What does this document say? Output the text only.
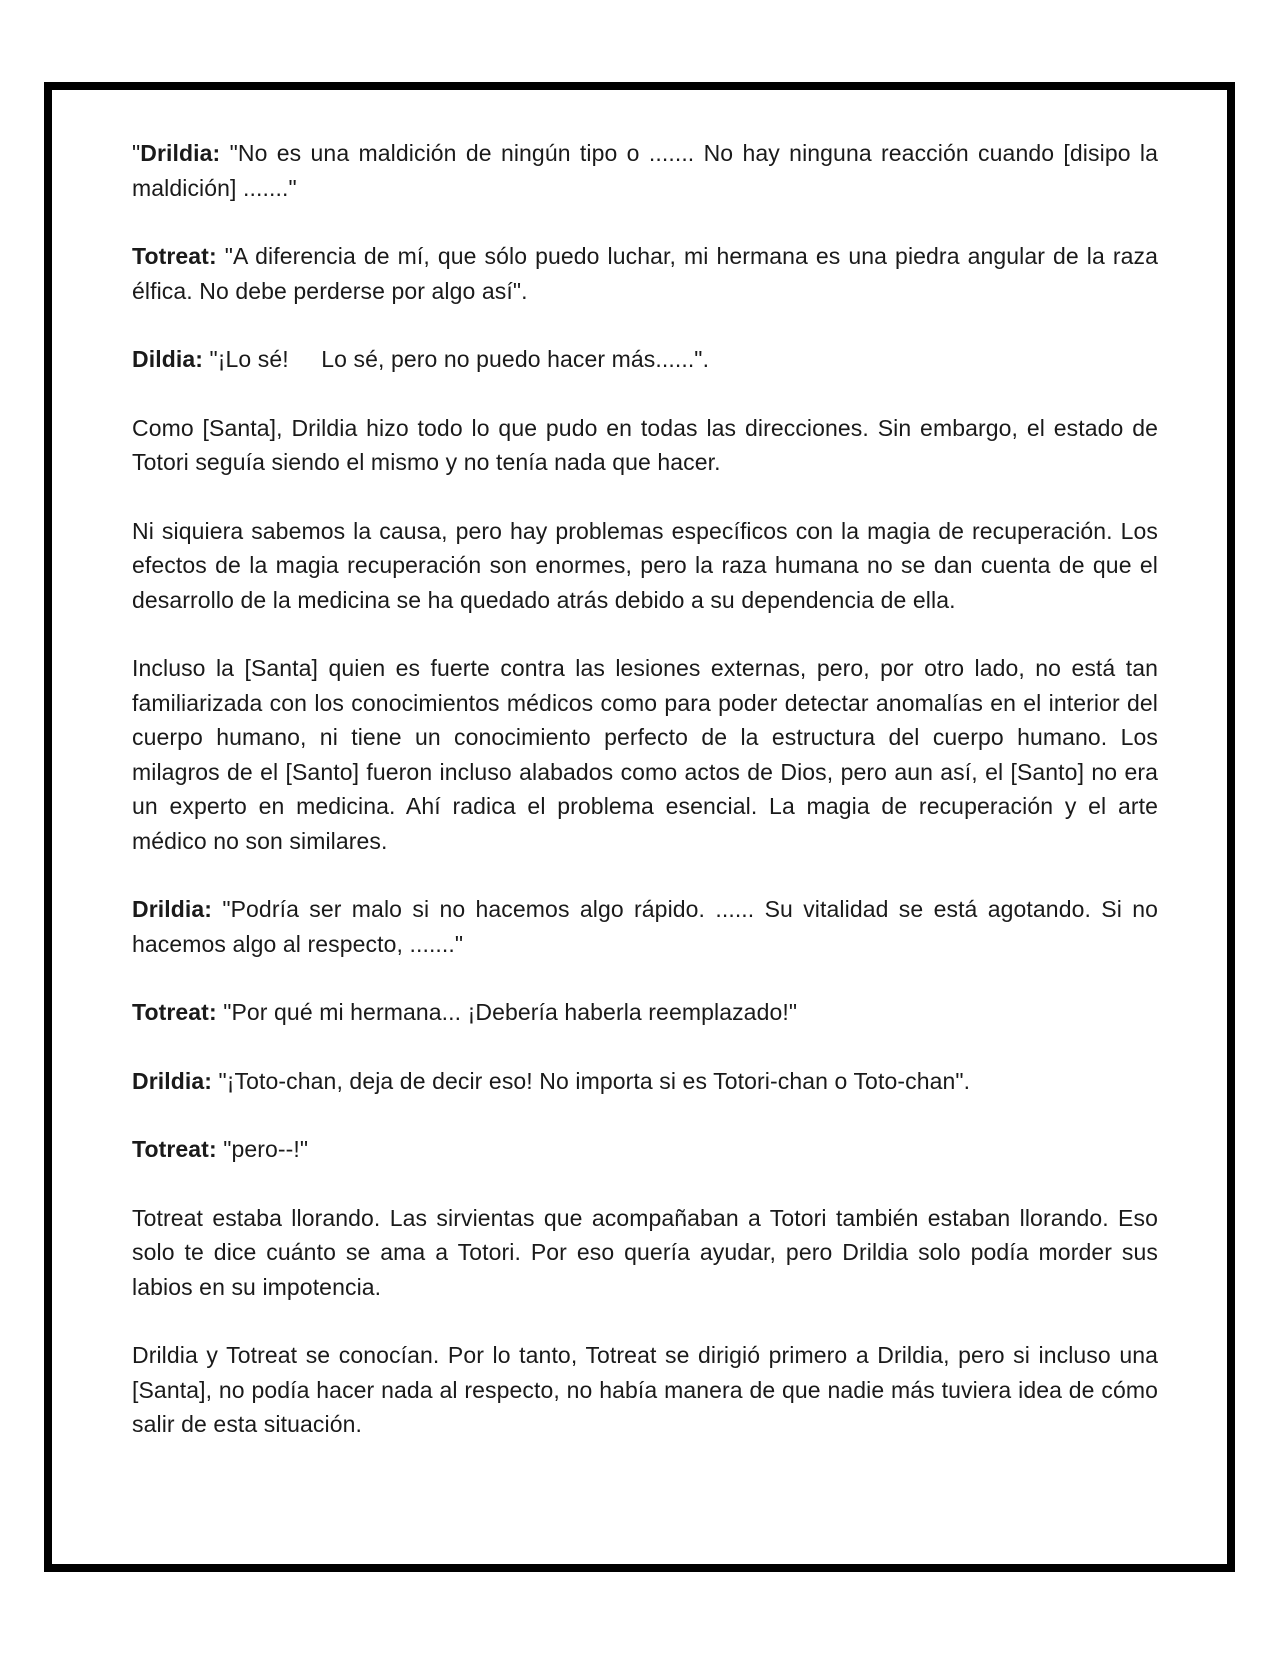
"Drildia: "No es una maldición de ningún tipo o ....... No hay ninguna reacción cuando [disipo la maldición] ......."

Totreat: "A diferencia de mí, que sólo puedo luchar, mi hermana es una piedra angular de la raza élfica. No debe perderse por algo así".

Dildia: "¡Lo sé!     Lo sé, pero no puedo hacer más......".

Como [Santa], Drildia hizo todo lo que pudo en todas las direcciones. Sin embargo, el estado de Totori seguía siendo el mismo y no tenía nada que hacer.

Ni siquiera sabemos la causa, pero hay problemas específicos con la magia de recuperación. Los efectos de la magia recuperación son enormes, pero la raza humana no se dan cuenta de que el desarrollo de la medicina se ha quedado atrás debido a su dependencia de ella.

Incluso la [Santa] quien es fuerte contra las lesiones externas, pero, por otro lado, no está tan familiarizada con los conocimientos médicos como para poder detectar anomalías en el interior del cuerpo humano, ni tiene un conocimiento perfecto de la estructura del cuerpo humano. Los milagros de el [Santo] fueron incluso alabados como actos de Dios, pero aun así, el [Santo] no era un experto en medicina. Ahí radica el problema esencial. La magia de recuperación y el arte médico no son similares.

Drildia: "Podría ser malo si no hacemos algo rápido. ...... Su vitalidad se está agotando. Si no hacemos algo al respecto, ......."

Totreat: "Por qué mi hermana... ¡Debería haberla reemplazado!"

Drildia: "¡Toto-chan, deja de decir eso! No importa si es Totori-chan o Toto-chan".

Totreat: "pero--!"

Totreat estaba llorando. Las sirvientas que acompañaban a Totori también estaban llorando. Eso solo te dice cuánto se ama a Totori. Por eso quería ayudar, pero Drildia solo podía morder sus labios en su impotencia.

Drildia y Totreat se conocían. Por lo tanto, Totreat se dirigió primero a Drildia, pero si incluso una [Santa], no podía hacer nada al respecto, no había manera de que nadie más tuviera idea de cómo salir de esta situación.
